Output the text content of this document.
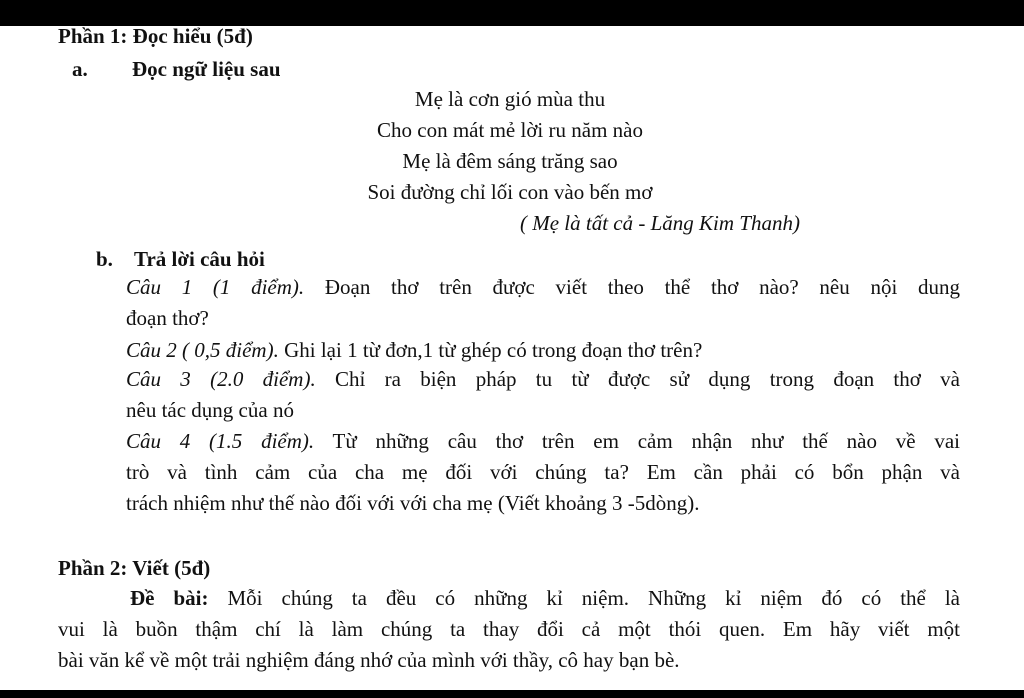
Phần 1: Đọc hiểu (5đ)
a. Đọc ngữ liệu sau
Mẹ là cơn gió mùa thu
Cho con mát mẻ lời ru năm nào
Mẹ là đêm sáng trăng sao
Soi đường chỉ lối con vào bến mơ
( Mẹ là tất cả - Lăng Kim Thanh)
b. Trả lời câu hỏi
Câu 1 (1 điểm). Đoạn thơ trên được viết theo thể thơ nào? nêu nội dung
đoạn thơ?
Câu 2 ( 0,5 điểm). Ghi lại 1 từ đơn,1 từ ghép có trong đoạn thơ trên?
Câu 3 (2.0 điểm). Chỉ ra biện pháp tu từ được sử dụng trong đoạn thơ và
nêu tác dụng của nó
Câu 4 (1.5 điểm). Từ những câu thơ trên em cảm nhận như thế nào về vai
trò và tình cảm của cha mẹ đối với chúng ta? Em cần phải có bổn phận và
trách nhiệm như thế nào đối với với cha mẹ (Viết khoảng 3 -5dòng).
Phần 2: Viết (5đ)
Đề bài: Mỗi chúng ta đều có những kỉ niệm. Những kỉ niệm đó có thể là
vui là buồn thậm chí là làm chúng ta thay đổi cả một thói quen. Em hãy viết một
bài văn kể về một trải nghiệm đáng nhớ của mình với thầy, cô hay bạn bè.
